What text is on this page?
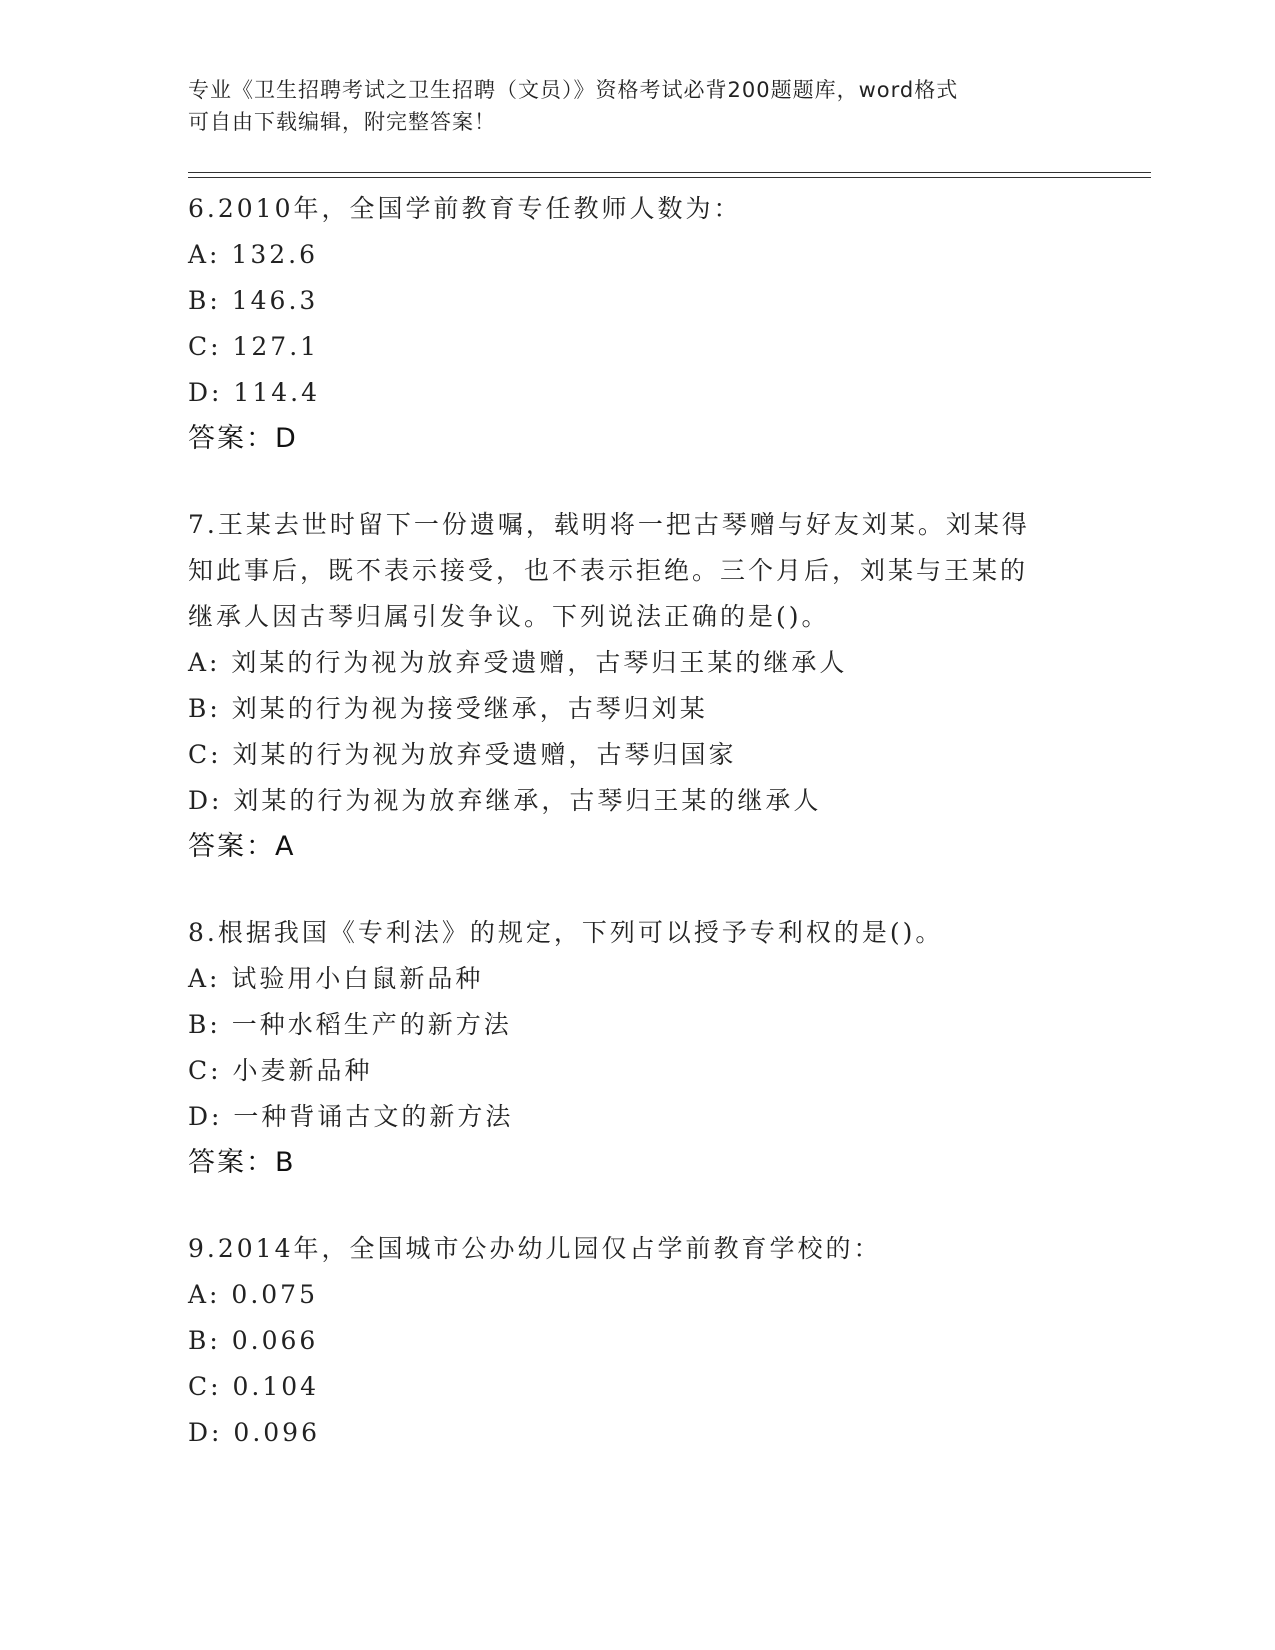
专业《卫生招聘考试之卫生招聘（文员）》资格考试必背200题题库，word格式
可自由下载编辑，附完整答案！
6.2010年，全国学前教育专任教师人数为：
A: 132.6
B: 146.3
C: 127.1
D: 114.4
答案：D
7.王某去世时留下一份遗嘱，载明将一把古琴赠与好友刘某。刘某得
知此事后，既不表示接受，也不表示拒绝。三个月后，刘某与王某的
继承人因古琴归属引发争议。下列说法正确的是()。
A: 刘某的行为视为放弃受遗赠，古琴归王某的继承人
B: 刘某的行为视为接受继承，古琴归刘某
C: 刘某的行为视为放弃受遗赠，古琴归国家
D: 刘某的行为视为放弃继承，古琴归王某的继承人
答案：A
8.根据我国《专利法》的规定，下列可以授予专利权的是()。
A: 试验用小白鼠新品种
B: 一种水稻生产的新方法
C: 小麦新品种
D: 一种背诵古文的新方法
答案：B
9.2014年，全国城市公办幼儿园仅占学前教育学校的：
A: 0.075
B: 0.066
C: 0.104
D: 0.096
